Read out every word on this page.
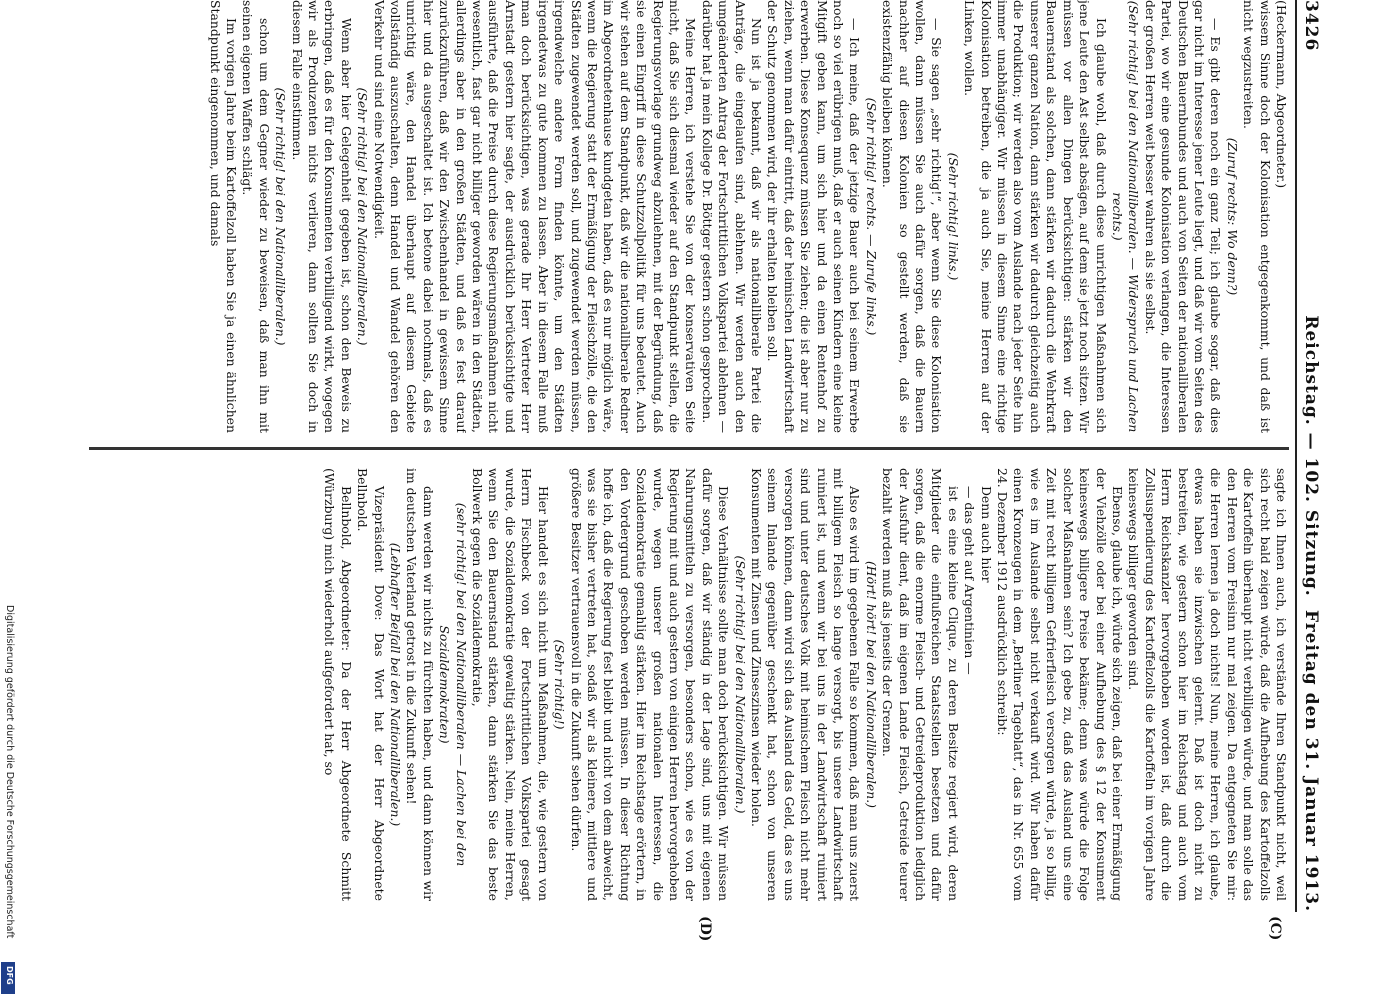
Digitalisierung gefördert durch die Deutsche Forschungsgemeinschaft
DFG
3426
Reichstag. — 102. Sitzung.
Freitag den 31. Januar 1913.

(Heckermann, Abgeordneter.)

wissem Sinne doch der Kolonisation entgegenkommt, und daß ist nicht wegzustreiten.

(Zuruf rechts: Wo denn?)

— Es gibt deren noch ein ganz Teil; ich glaube sogar, daß dies gar nicht im Interesse jener Leute liegt, und daß wir vom Seiten des Deutschen Bauernbundes und auch von Seiten der nationalliberalen Partei, wo wir eine gesunde Kolonisation verlangen, die Interessen der großen Herren weit besser wahren als sie selbst.

(Sehr richtig! bei den Nationalliberalen. — Widerspruch und Lachen rechts.)

Ich glaube wohl, daß durch diese unrichtigen Maßnahmen sich jene Leute den Ast selbst absägen, auf dem sie jetzt noch sitzen. Wir müssen vor allen Dingen berücksichtigen: stärken wir den Bauernstand als solchen, dann stärken wir dadurch die Wehrkraft unserer ganzen Nation, dann stärken wir dadurch gleichzeitig auch die Produktion; wir werden also vom Auslande nach jeder Seite hin immer unabhängiger. Wir müssen in diesem Sinne eine richtige Kolonisation betreiben, die ja auch Sie, meine Herren auf der Linken, wollen.

(Sehr richtig! links.)

— Sie sagen „sehr richtig!“, aber wenn Sie diese Kolonisation wollen, dann müssen Sie auch dafür sorgen, daß die Bauern nachher auf diesen Kolonien so gestellt werden, daß sie existenzfähig bleiben können.

(Sehr richtig! rechts. — Zurufe links.)

— Ich meine, daß der jetzige Bauer auch bei seinem Erwerbe noch so viel erübrigen muß, daß er auch seinen Kindern eine kleine Mitgift geben kann, um sich hier und da einen Rentenhof zu erwerben. Diese Konsequenz müssen Sie ziehen; die ist aber nur zu ziehen, wenn man dafür eintritt, daß der heimischen Landwirtschaft der Schutz genommen wird, der ihr erhalten bleiben soll.

Nun ist ja bekannt, daß wir als nationalliberale Partei die Anträge, die eingelaufen sind, ablehnen. Wir werden auch den umgeänderten Antrag der Fortschrittlichen Volkspartei ablehnen — darüber hat ja mein Kollege Dr. Böttger gestern schon gesprochen.

Meine Herren, ich verstehe Sie von der konservativen Seite nicht, daß Sie sich diesmal wieder auf den Standpunkt stellen, die Regierungsvorlage grundweg abzulehnen, mit der Begründung, daß sie einen Eingriff in diese Schutzzollpolitik für uns bedeutet. Auch wir stehen auf dem Standpunkt, daß wir die nationalliberale Redner im Abgeordnetenhause kundgetan haben, daß es nur möglich wäre, wenn die Regierung statt der Ermäßigung der Fleischzölle, die den Städten zugewendet werden soll, und zugewendet werden müssen, irgendwelche andere Form finden könnte, um den Städten irgendetwas zu gute kommen zu lassen. Aber in diesem Falle muß man doch berücksichtigen, was gerade Ihr Herr Vertreter Herr Arnstadt gestern hier sagte, der ausdrücklich berücksichtigte und ausführte, daß die Preise durch diese Regierungsmaßnahmen nicht wesentlich, fast gar nicht billiger geworden wären in den Städten, allerdings aber in den großen Städten, und daß es fest darauf zurückzuführen, daß wir den Zwischenhandel in gewissem Sinne hier und da ausgeschaltet ist. Ich betone dabei nochmals, daß es unrichtig wäre, den Handel überhaupt auf diesem Gebiete vollständig auszuschalten, denn Handel und Wandel gehören den Verkehr und sind eine Notwendigkeit.

(Sehr richtig! bei den Nationalliberalen.)

Wenn aber hier Gelegenheit gegeben ist, schon den Beweis zu erbringen, daß es für den Konsumenten verbilligend wirkt, wogegen wir als Produzenten nichts verlieren, dann sollten Sie doch in diesem Falle einstimmen.

(Sehr richtig! bei den Nationalliberalen.)

schon um dem Gegner wieder zu beweisen, daß man ihn mit seinen eigenen Waffen schlägt.

Im vorigen Jahre beim Kartoffelzoll haben Sie ja einen ähnlichen Standpunkt eingenommen, und damals

sagte ich Ihnen auch, ich verstände Ihren Standpunkt nicht, weil sich recht bald zeigen würde, daß die Aufhebung des Kartoffelzolls die Kartoffeln überhaupt nicht verbilligen würde, und man solle das den Herren vom Freisinn nur mal zeigen. Da entgegneten Sie mir: die Herren lernen ja doch nichts! Nun, meine Herren, ich glaube, etwas haben sie inzwischen gelernt. Daß ist doch nicht zu bestreiten, wie gestern schon hier im Reichstag und auch vom Herrn Reichskanzler hervorgehoben worden ist, daß durch die Zollsuspendierung des Kartoffelzolls die Kartoffeln im vorigen Jahre keineswegs billiger geworden sind.

Ebenso, glaube ich, würde sich zeigen, daß bei einer Ermäßigung der Viehzölle oder bei einer Aufhebung des § 12 der Konsument keineswegs billigere Preise bekäme; denn was würde die Folge solcher Maßnahmen sein? Ich gebe zu, daß das Ausland uns eine Zeit mit recht billigem Gefrierfleisch versorgen würde, ja so billig, wie es im Auslande selbst nicht verkauft wird. Wir haben dafür einen Kronzeugen in dem „Berliner Tageblatt“, das in Nr. 655 vom 24. Dezember 1912 ausdrücklich schreibt:

Denn auch hier

— das geht auf Argentinien —

ist es eine kleine Clique, zu deren Besitze regiert wird, deren Mitglieder die einflußreichen Staatsstellen besetzen und dafür sorgen, daß die enorme Fleisch- und Getreideproduktion lediglich der Ausfuhr dient, daß im eigenen Lande Fleisch, Getreide teurer bezahlt werden muß als jenseits der Grenzen.

(Hört! hört! bei den Nationalliberalen.)

Also es wird im gegebenen Falle so kommen, daß man uns zuerst mit billigem Fleisch so lange versorgt, bis unsere Landwirtschaft ruiniert ist, und wenn wir bei uns in der Landwirtschaft ruiniert sind und unter deutsches Volk mit heimischem Fleisch nicht mehr versorgen können, dann wird sich das Ausland das Geld, das es uns seinem Inlande gegenüber geschenkt hat, schon von unseren Konsumenten mit Zinsen und Zinseszinsen wieder holen.

(Sehr richtig! bei den Nationalliberalen.)

Diese Verhältnisse sollte man doch berücksichtigen. Wir müssen dafür sorgen, daß wir ständig in der Lage sind, uns mit eigenen Nahrungsmitteln zu versorgen, besonders schon, wie es von der Regierung mit und auch gestern von einigen Herren hervorgehoben wurde, wegen unserer großen nationalen Interessen, die Sozialdemokratie gemahlig stärken. Hier im Reichstage erörtern, in den Vordergrund geschoben werden müssen. In dieser Richtung hoffe ich, daß die Regierung fest bleibt und nicht von dem abweicht, was sie bisher vertreten hat, sodaß wir als kleinere, mittlere und größere Besitzer vertrauensvoll in die Zukunft sehen dürfen.

(Sehr richtig!)

Hier handelt es sich nicht um Maßnahmen, die, wie gestern von Herrn Fischbeck von der Fortschrittlichen Volkspartei gesagt wurde, die Sozialdemokratie gewaltig stärken. Nein, meine Herren, wenn Sie den Bauernstand stärken, dann stärken Sie das beste Bollwerk gegen die Sozialdemokratie,

(sehr richtig! bei den Nationalliberalen — Lachen bei den Sozialdemokraten)

dann werden wir nichts zu fürchten haben, und dann können wir im deutschen Vaterland getrost in die Zukunft sehen!

(Lebhafter Beifall bei den Nationalliberalen.)

Vizepräsident Dove: Das Wort hat der Herr Abgeordnete Bellnbold.

Bellnbold, Abgeordneter: Da der Herr Abgeordnete Schmitt (Würzburg) mich wiederholt aufgefordert hat, so

(C)
(D)
